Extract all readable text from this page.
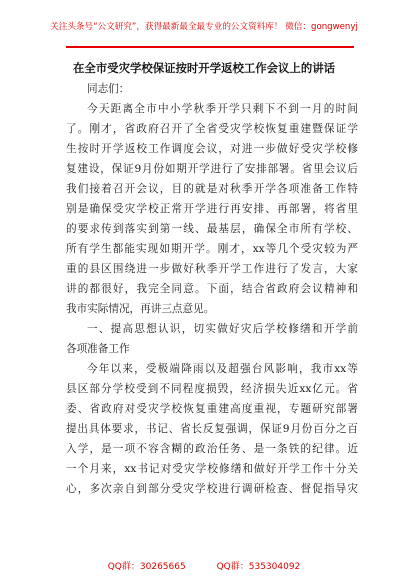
关注头条号“公文研究”，获得最新最全最专业的公文资料库！ 微信：gongwenyj
在全市受灾学校保证按时开学返校工作会议上的讲话
同志们：
今天距离全市中小学秋季开学只剩下不到一月的时间
了。刚才，省政府召开了全省受灾学校恢复重建暨保证学
生按时开学返校工作调度会议，对进一步做好受灾学校修
复建设，保证9月份如期开学进行了安排部署。省里会议后
我们接着召开会议，目的就是对秋季开学各项准备工作特
别是确保受灾学校正常开学进行再安排、再部署，将省里
的要求传到落实到第一线、最基层，确保全市所有学校、
所有学生都能实现如期开学。刚才，xx等几个受灾较为严
重的县区围绕进一步做好秋季开学工作进行了发言，大家
讲的都很好，我完全同意。下面，结合省政府会议精神和
我市实际情况，再讲三点意见。
一、提高思想认识，切实做好灾后学校修缮和开学前
各项准备工作
今年以来，受极端降雨以及超强台风影响，我市xx等
县区部分学校受到不同程度损毁，经济损失近xx亿元。省
委、省政府对受灾学校恢复重建高度重视，专题研究部署
提出具体要求，书记、省长反复强调，保证9月份百分之百
入学，是一项不容含糊的政治任务、是一条铁的纪律。近
一个月来，xx书记对受灾学校修缮和做好开学工作十分关
心，多次亲自到部分受灾学校进行调研检查、督促指导灾
QQ群：30265665	QQ群：535304092
